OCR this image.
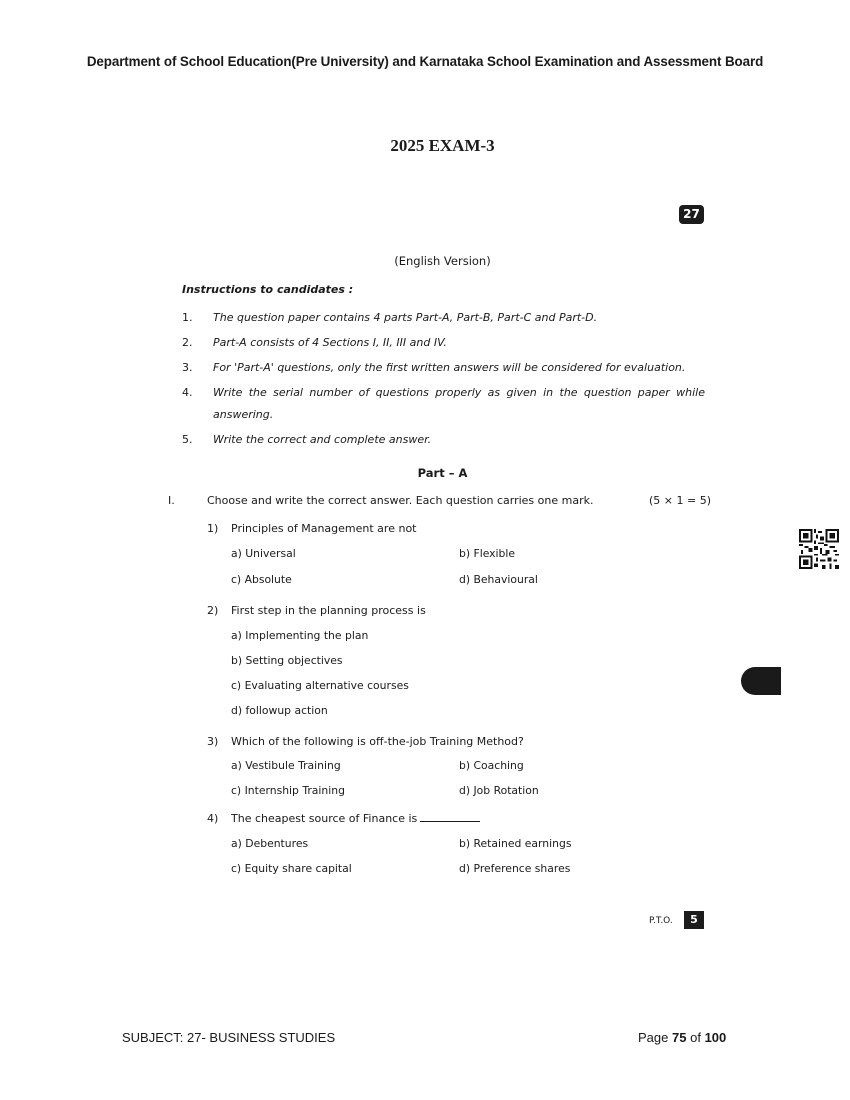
Department of School Education(Pre University) and Karnataka School Examination and Assessment Board
2025 EXAM-3
27
(English Version)
Instructions to candidates :
1. The question paper contains 4 parts Part-A, Part-B, Part-C and Part-D.
2. Part-A consists of 4 Sections I, II, III and IV.
3. For 'Part-A' questions, only the first written answers will be considered for evaluation.
4. Write the serial number of questions properly as given in the question paper while
answering.
5. Write the correct and complete answer.
Part – A
I.	Choose and write the correct answer. Each question carries one mark.	(5 × 1 = 5)
1) Principles of Management are not
a) Universal	b) Flexible
c) Absolute	d) Behavioural
2) First step in the planning process is
a) Implementing the plan
b) Setting objectives
c) Evaluating alternative courses
d) followup action
3) Which of the following is off-the-job Training Method?
a) Vestibule Training	b) Coaching
c) Internship Training	d) Job Rotation
4) The cheapest source of Finance is
a) Debentures	b) Retained earnings
c) Equity share capital	d) Preference shares
P.T.O.	5
SUBJECT: 27- BUSINESS STUDIES	Page 75 of 100
